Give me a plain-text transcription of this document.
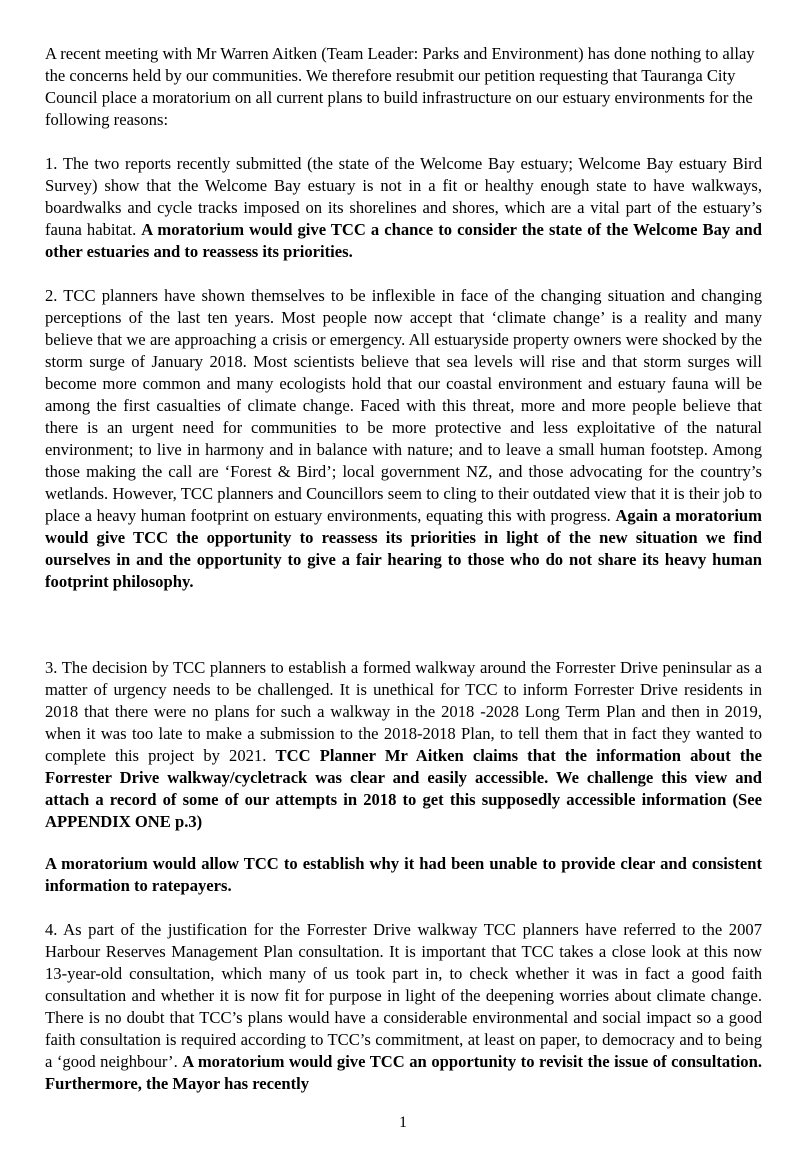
A recent meeting with Mr Warren Aitken (Team Leader: Parks and Environment) has done nothing to allay the concerns held by our communities. We therefore resubmit our petition requesting that Tauranga City Council place a moratorium on all current plans to build infrastructure on our estuary environments for the following reasons:

1. The two reports recently submitted (the state of the Welcome Bay estuary; Welcome Bay estuary Bird Survey) show that the Welcome Bay estuary is not in a fit or healthy enough state to have walkways, boardwalks and cycle tracks imposed on its shorelines and shores, which are a vital part of the estuary’s fauna habitat. A moratorium would give TCC a chance to consider the state of the Welcome Bay and other estuaries and to reassess its priorities.

2. TCC planners have shown themselves to be inflexible in face of the changing situation and changing perceptions of the last ten years. Most people now accept that ‘climate change’ is a reality and many believe that we are approaching a crisis or emergency. All estuaryside property owners were shocked by the storm surge of January 2018. Most scientists believe that sea levels will rise and that storm surges will become more common and many ecologists hold that our coastal environment and estuary fauna will be among the first casualties of climate change. Faced with this threat, more and more people believe that there is an urgent need for communities to be more protective and less exploitative of the natural environment; to live in harmony and in balance with nature; and to leave a small human footstep. Among those making the call are ‘Forest & Bird’; local government NZ, and those advocating for the country’s wetlands. However, TCC planners and Councillors seem to cling to their outdated view that it is their job to place a heavy human footprint on estuary environments, equating this with progress. Again a moratorium would give TCC the opportunity to reassess its priorities in light of the new situation we find ourselves in and the opportunity to give a fair hearing to those who do not share its heavy human footprint philosophy.

3. The decision by TCC planners to establish a formed walkway around the Forrester Drive peninsular as a matter of urgency needs to be challenged. It is unethical for TCC to inform Forrester Drive residents in 2018 that there were no plans for such a walkway in the 2018 -2028 Long Term Plan and then in 2019, when it was too late to make a submission to the 2018-2018 Plan, to tell them that in fact they wanted to complete this project by 2021. TCC Planner Mr Aitken claims that the information about the Forrester Drive walkway/cycletrack was clear and easily accessible. We challenge this view and attach a record of some of our attempts in 2018 to get this supposedly accessible information (See APPENDIX ONE p.3)

A moratorium would allow TCC to establish why it had been unable to provide clear and consistent information to ratepayers.

4. As part of the justification for the Forrester Drive walkway TCC planners have referred to the 2007 Harbour Reserves Management Plan consultation. It is important that TCC takes a close look at this now 13-year-old consultation, which many of us took part in, to check whether it was in fact a good faith consultation and whether it is now fit for purpose in light of the deepening worries about climate change. There is no doubt that TCC’s plans would have a considerable environmental and social impact so a good faith consultation is required according to TCC’s commitment, at least on paper, to democracy and to being a ‘good neighbour’. A moratorium would give TCC an opportunity to revisit the issue of consultation. Furthermore, the Mayor has recently

1
